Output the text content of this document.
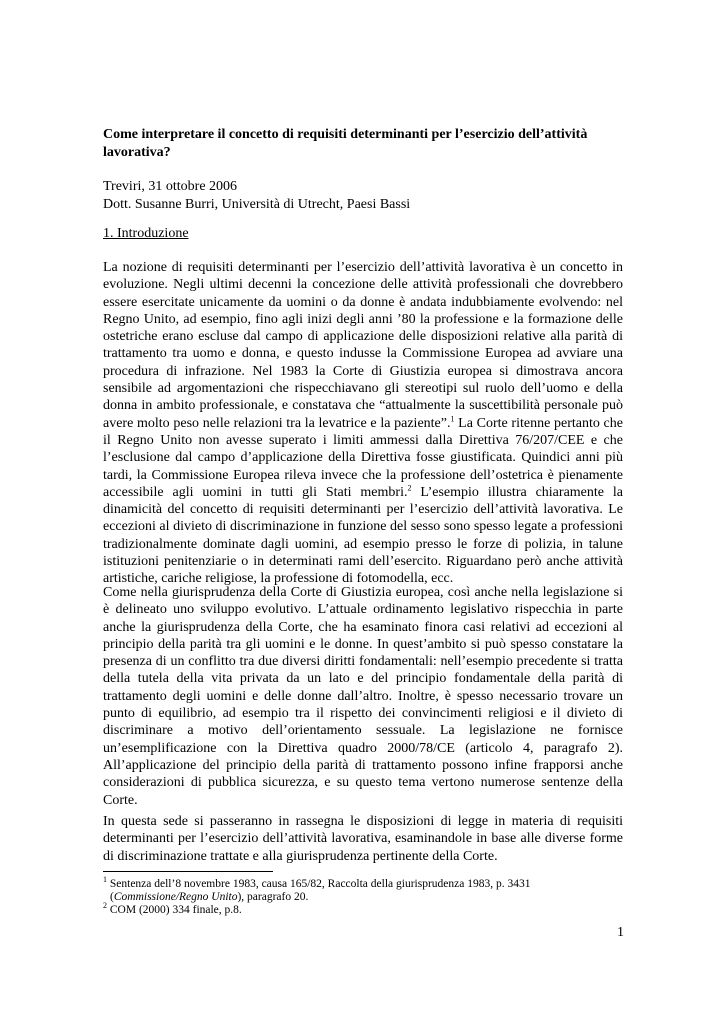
Come interpretare il concetto di requisiti determinanti per l’esercizio dell’attività lavorativa?
Treviri, 31 ottobre 2006
Dott. Susanne Burri, Università di Utrecht, Paesi Bassi
1. Introduzione

La nozione di requisiti determinanti per l’esercizio dell’attività lavorativa è un concetto in evoluzione. Negli ultimi decenni la concezione delle attività professionali che dovrebbero essere esercitate unicamente da uomini o da donne è andata indubbiamente evolvendo: nel Regno Unito, ad esempio, fino agli inizi degli anni ’80 la professione e la formazione delle ostetriche erano escluse dal campo di applicazione delle disposizioni relative alla parità di trattamento tra uomo e donna, e questo indusse la Commissione Europea ad avviare una procedura di infrazione. Nel 1983 la Corte di Giustizia europea si dimostrava ancora sensibile ad argomentazioni che rispecchiavano gli stereotipi sul ruolo dell’uomo e della donna in ambito professionale, e constatava che “attualmente la suscettibilità personale può avere molto peso nelle relazioni tra la levatrice e la paziente”.$^1$ La Corte ritenne pertanto che il Regno Unito non avesse superato i limiti ammessi dalla Direttiva 76/207/CEE e che l’esclusione dal campo d’applicazione della Direttiva fosse giustificata. Quindici anni più tardi, la Commissione Europea rileva invece che la professione dell’ostetrica è pienamente accessibile agli uomini in tutti gli Stati membri.$^2$ L’esempio illustra chiaramente la dinamicità del concetto di requisiti determinanti per l’esercizio dell’attività lavorativa. Le eccezioni al divieto di discriminazione in funzione del sesso sono spesso legate a professioni tradizionalmente dominate dagli uomini, ad esempio presso le forze di polizia, in talune istituzioni penitenziarie o in determinati rami dell’esercito. Riguardano però anche attività artistiche, cariche religiose, la professione di fotomodella, ecc.

Come nella giurisprudenza della Corte di Giustizia europea, così anche nella legislazione si è delineato uno sviluppo evolutivo. L’attuale ordinamento legislativo rispecchia in parte anche la giurisprudenza della Corte, che ha esaminato finora casi relativi ad eccezioni al principio della parità tra gli uomini e le donne. In quest’ambito si può spesso constatare la presenza di un conflitto tra due diversi diritti fondamentali: nell’esempio precedente si tratta della tutela della vita privata da un lato e del principio fondamentale della parità di trattamento degli uomini e delle donne dall’altro. Inoltre, è spesso necessario trovare un punto di equilibrio, ad esempio tra il rispetto dei convincimenti religiosi e il divieto di discriminare a motivo dell’orientamento sessuale. La legislazione ne fornisce un’esemplificazione con la Direttiva quadro 2000/78/CE (articolo 4, paragrafo 2). All’applicazione del principio della parità di trattamento possono infine frapporsi anche considerazioni di pubblica sicurezza, e su questo tema vertono numerose sentenze della Corte.

In questa sede si passeranno in rassegna le disposizioni di legge in materia di requisiti determinanti per l’esercizio dell’attività lavorativa, esaminandole in base alle diverse forme di discriminazione trattate e alla giurisprudenza pertinente della Corte.

$^1$ Sentenza dell’8 novembre 1983, causa 165/82, Raccolta della giurisprudenza 1983, p. 3431
(Commissione/Regno Unito), paragrafo 20.

$^2$ COM (2000) 334 finale, p.8.

1
